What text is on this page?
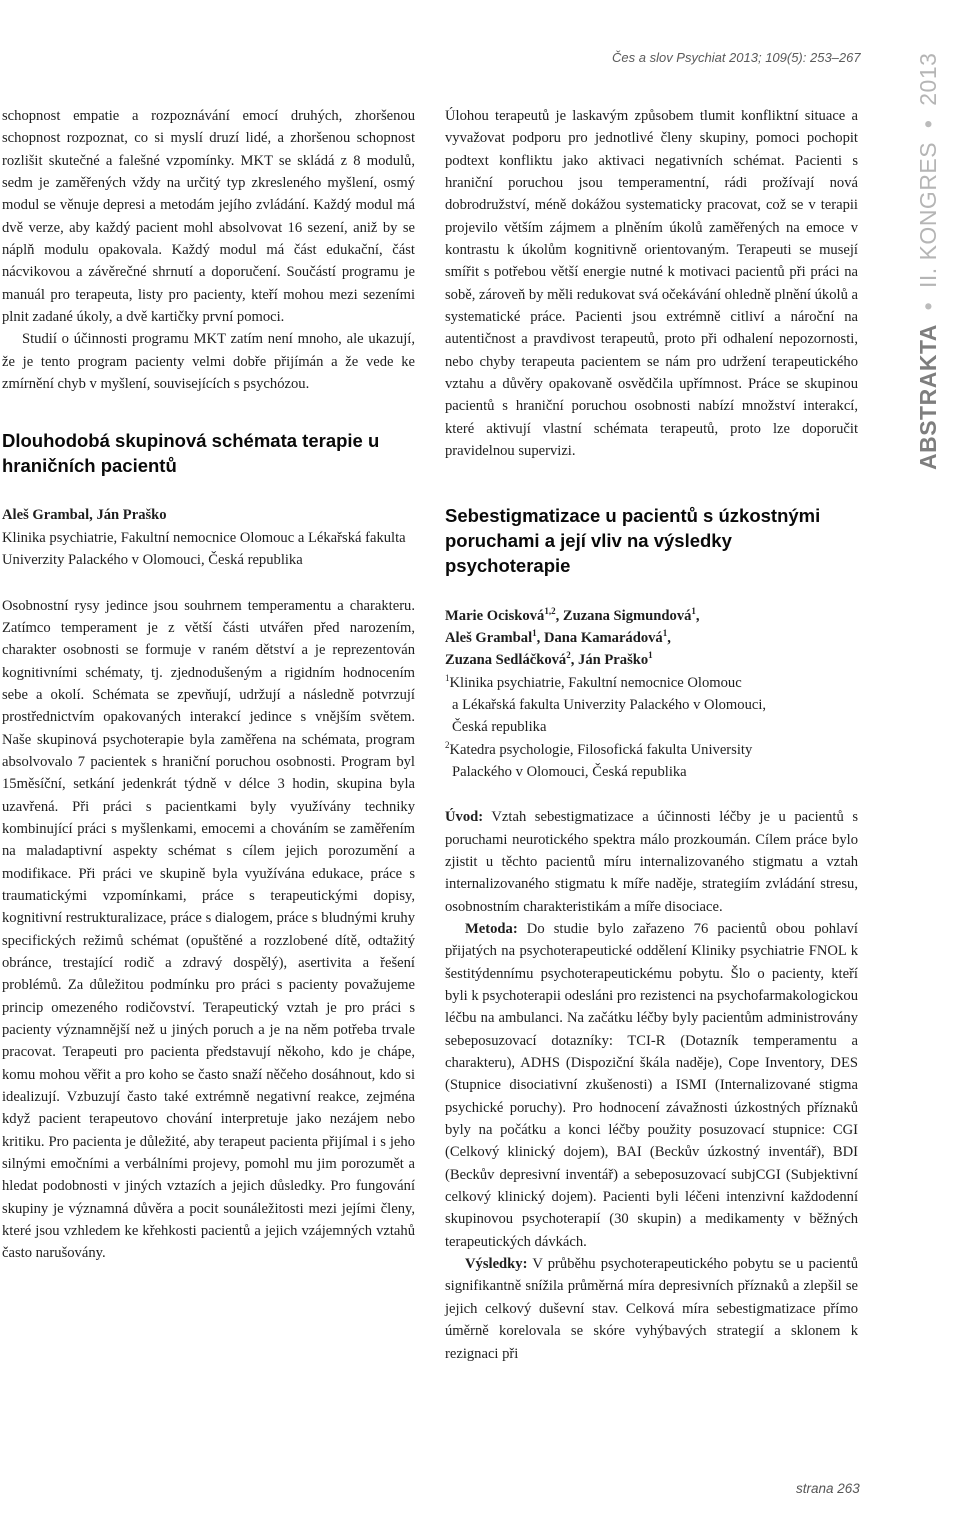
Čes a slov Psychiat 2013; 109(5): 253–267

schopnost empatie a rozpoznávání emocí druhých, zhoršenou schopnost rozpoznat, co si myslí druzí lidé, a zhoršenou schopnost rozlišit skutečné a falešné vzpomínky. MKT se skládá z 8 modulů, sedm je zaměřených vždy na určitý typ zkresleného myšlení, osmý modul se věnuje depresi a metodám jejího zvládání. Každý modul má dvě verze, aby každý pacient mohl absolvovat 16 sezení, aniž by se náplň modulu opakovala. Každý modul má část edukační, část nácvikovou a závěrečné shrnutí a doporučení. Součástí programu je manuál pro terapeuta, listy pro pacienty, kteří mohou mezi sezeními plnit zadané úkoly, a dvě kartičky první pomoci.

Studií o účinnosti programu MKT zatím není mnoho, ale ukazují, že je tento program pacienty velmi dobře přijímán a že vede ke zmírnění chyb v myšlení, souvisejících s psychózou.

Dlouhodobá skupinová schémata terapie u hraničních pacientů

Aleš Grambal, Ján Praško

Klinika psychiatrie, Fakultní nemocnice Olomouc a Lékařská fakulta Univerzity Palackého v Olomouci, Česká republika

Osobnostní rysy jedince jsou souhrnem temperamentu a charakteru. Zatímco temperament je z větší části utvářen před narozením, charakter osobnosti se formuje v raném dětství a je reprezentován kognitivními schématy, tj. zjednodušeným a rigidním hodnocením sebe a okolí. Schémata se zpevňují, udržují a následně potvrzují prostřednictvím opakovaných interakcí jedince s vnějším světem. Naše skupinová psychoterapie byla zaměřena na schémata, program absolvovalo 7 pacientek s hraniční poruchou osobnosti. Program byl 15měsíční, setkání jedenkrát týdně v délce 3 hodin, skupina byla uzavřená. Při práci s pacientkami byly využívány techniky kombinující práci s myšlenkami, emocemi a chováním se zaměřením na maladaptivní aspekty schémat s cílem jejich porozumění a modifikace. Při práci ve skupině byla využívána edukace, práce s traumatickými vzpomínkami, práce s terapeutickými dopisy, kognitivní restrukturalizace, práce s dialogem, práce s bludnými kruhy specifických režimů schémat (opuštěné a rozzlobené dítě, odtažitý obránce, trestající rodič a zdravý dospělý), asertivita a řešení problémů. Za důležitou podmínku pro práci s pacienty považujeme princip omezeného rodičovství. Terapeutický vztah je pro práci s pacienty významnější než u jiných poruch a je na něm potřeba trvale pracovat. Terapeuti pro pacienta představují někoho, kdo je chápe, komu mohou věřit a pro koho se často snaží něčeho dosáhnout, kdo si idealizují. Vzbuzují často také extrémně negativní reakce, zejména když pacient terapeutovo chování interpretuje jako nezájem nebo kritiku. Pro pacienta je důležité, aby terapeut pacienta přijímal i s jeho silnými emočními a verbálními projevy, pomohl mu jim porozumět a hledat podobnosti v jiných vztazích a jejich důsledky. Pro fungování skupiny je významná důvěra a pocit sounáležitosti mezi jejími členy, které jsou vzhledem ke křehkosti pacientů a jejich vzájemných vztahů často narušovány.

Úlohou terapeutů je laskavým způsobem tlumit konfliktní situace a vyvažovat podporu pro jednotlivé členy skupiny, pomoci pochopit podtext konfliktu jako aktivaci negativních schémat. Pacienti s hraniční poruchou jsou temperamentní, rádi prožívají nová dobrodružství, méně dokážou systematicky pracovat, což se v terapii projevilo větším zájmem a plněním úkolů zaměřených na emoce v kontrastu k úkolům kognitivně orientovaným. Terapeuti se musejí smířit s potřebou větší energie nutné k motivaci pacientů při práci na sobě, zároveň by měli redukovat svá očekávání ohledně plnění úkolů a systematické práce. Pacienti jsou extrémně citliví a nároční na autentičnost a pravdivost terapeutů, proto při odhalení nepozornosti, nebo chyby terapeuta pacientem se nám pro udržení terapeutického vztahu a důvěry opakovaně osvědčila upřímnost. Práce se skupinou pacientů s hraniční poruchou osobnosti nabízí množství interakcí, které aktivují vlastní schémata terapeutů, proto lze doporučit pravidelnou supervizi.

Sebestigmatizace u pacientů s úzkostnými poruchami a její vliv na výsledky psychoterapie

Marie Ocisková$^{1,2}$, Zuzana Sigmundová$^1$,
Aleš Grambal$^1$, Dana Kamarádová$^1$,
Zuzana Sedláčková$^2$, Ján Praško$^1$

$^1$Klinika psychiatrie, Fakultní nemocnice Olomouc
a Lékařská fakulta Univerzity Palackého v Olomouci,
Česká republika
$^2$Katedra psychologie, Filosofická fakulta University
Palackého v Olomouci, Česká republika

Úvod: Vztah sebestigmatizace a účinnosti léčby je u pacientů s poruchami neurotického spektra málo prozkoumán. Cílem práce bylo zjistit u těchto pacientů míru internalizovaného stigmatu a vztah internalizovaného stigmatu k míře naděje, strategiím zvládání stresu, osobnostním charakteristikám a míře disociace.

Metoda: Do studie bylo zařazeno 76 pacientů obou pohlaví přijatých na psychoterapeutické oddělení Kliniky psychiatrie FNOL k šestitýdennímu psychoterapeutickému pobytu. Šlo o pacienty, kteří byli k psychoterapii odesláni pro rezistenci na psychofarmakologickou léčbu na ambulanci. Na začátku léčby byly pacientům administrovány sebeposuzovací dotazníky: TCI-R (Dotazník temperamentu a charakteru), ADHS (Dispoziční škála naděje), Cope Inventory, DES (Stupnice disociativní zkušenosti) a ISMI (Internalizované stigma psychické poruchy). Pro hodnocení závažnosti úzkostných příznaků byly na počátku a konci léčby použity posuzovací stupnice: CGI (Celkový klinický dojem), BAI (Beckův úzkostný inventář), BDI (Beckův depresivní inventář) a sebeposuzovací subjCGI (Subjektivní celkový klinický dojem). Pacienti byli léčeni intenzivní každodenní skupinovou psychoterapií (30 skupin) a medikamenty v běžných terapeutických dávkách.

Výsledky: V průběhu psychoterapeutického pobytu se u pacientů signifikantně snížila průměrná míra depresivních příznaků a zlepšil se jejich celkový duševní stav. Celková míra sebestigmatizace přímo úměrně korelovala se skóre vyhýbavých strategií a sklonem k rezignaci při

ABSTRAKTA  •  II. KONGRES  •  2013
strana 263
